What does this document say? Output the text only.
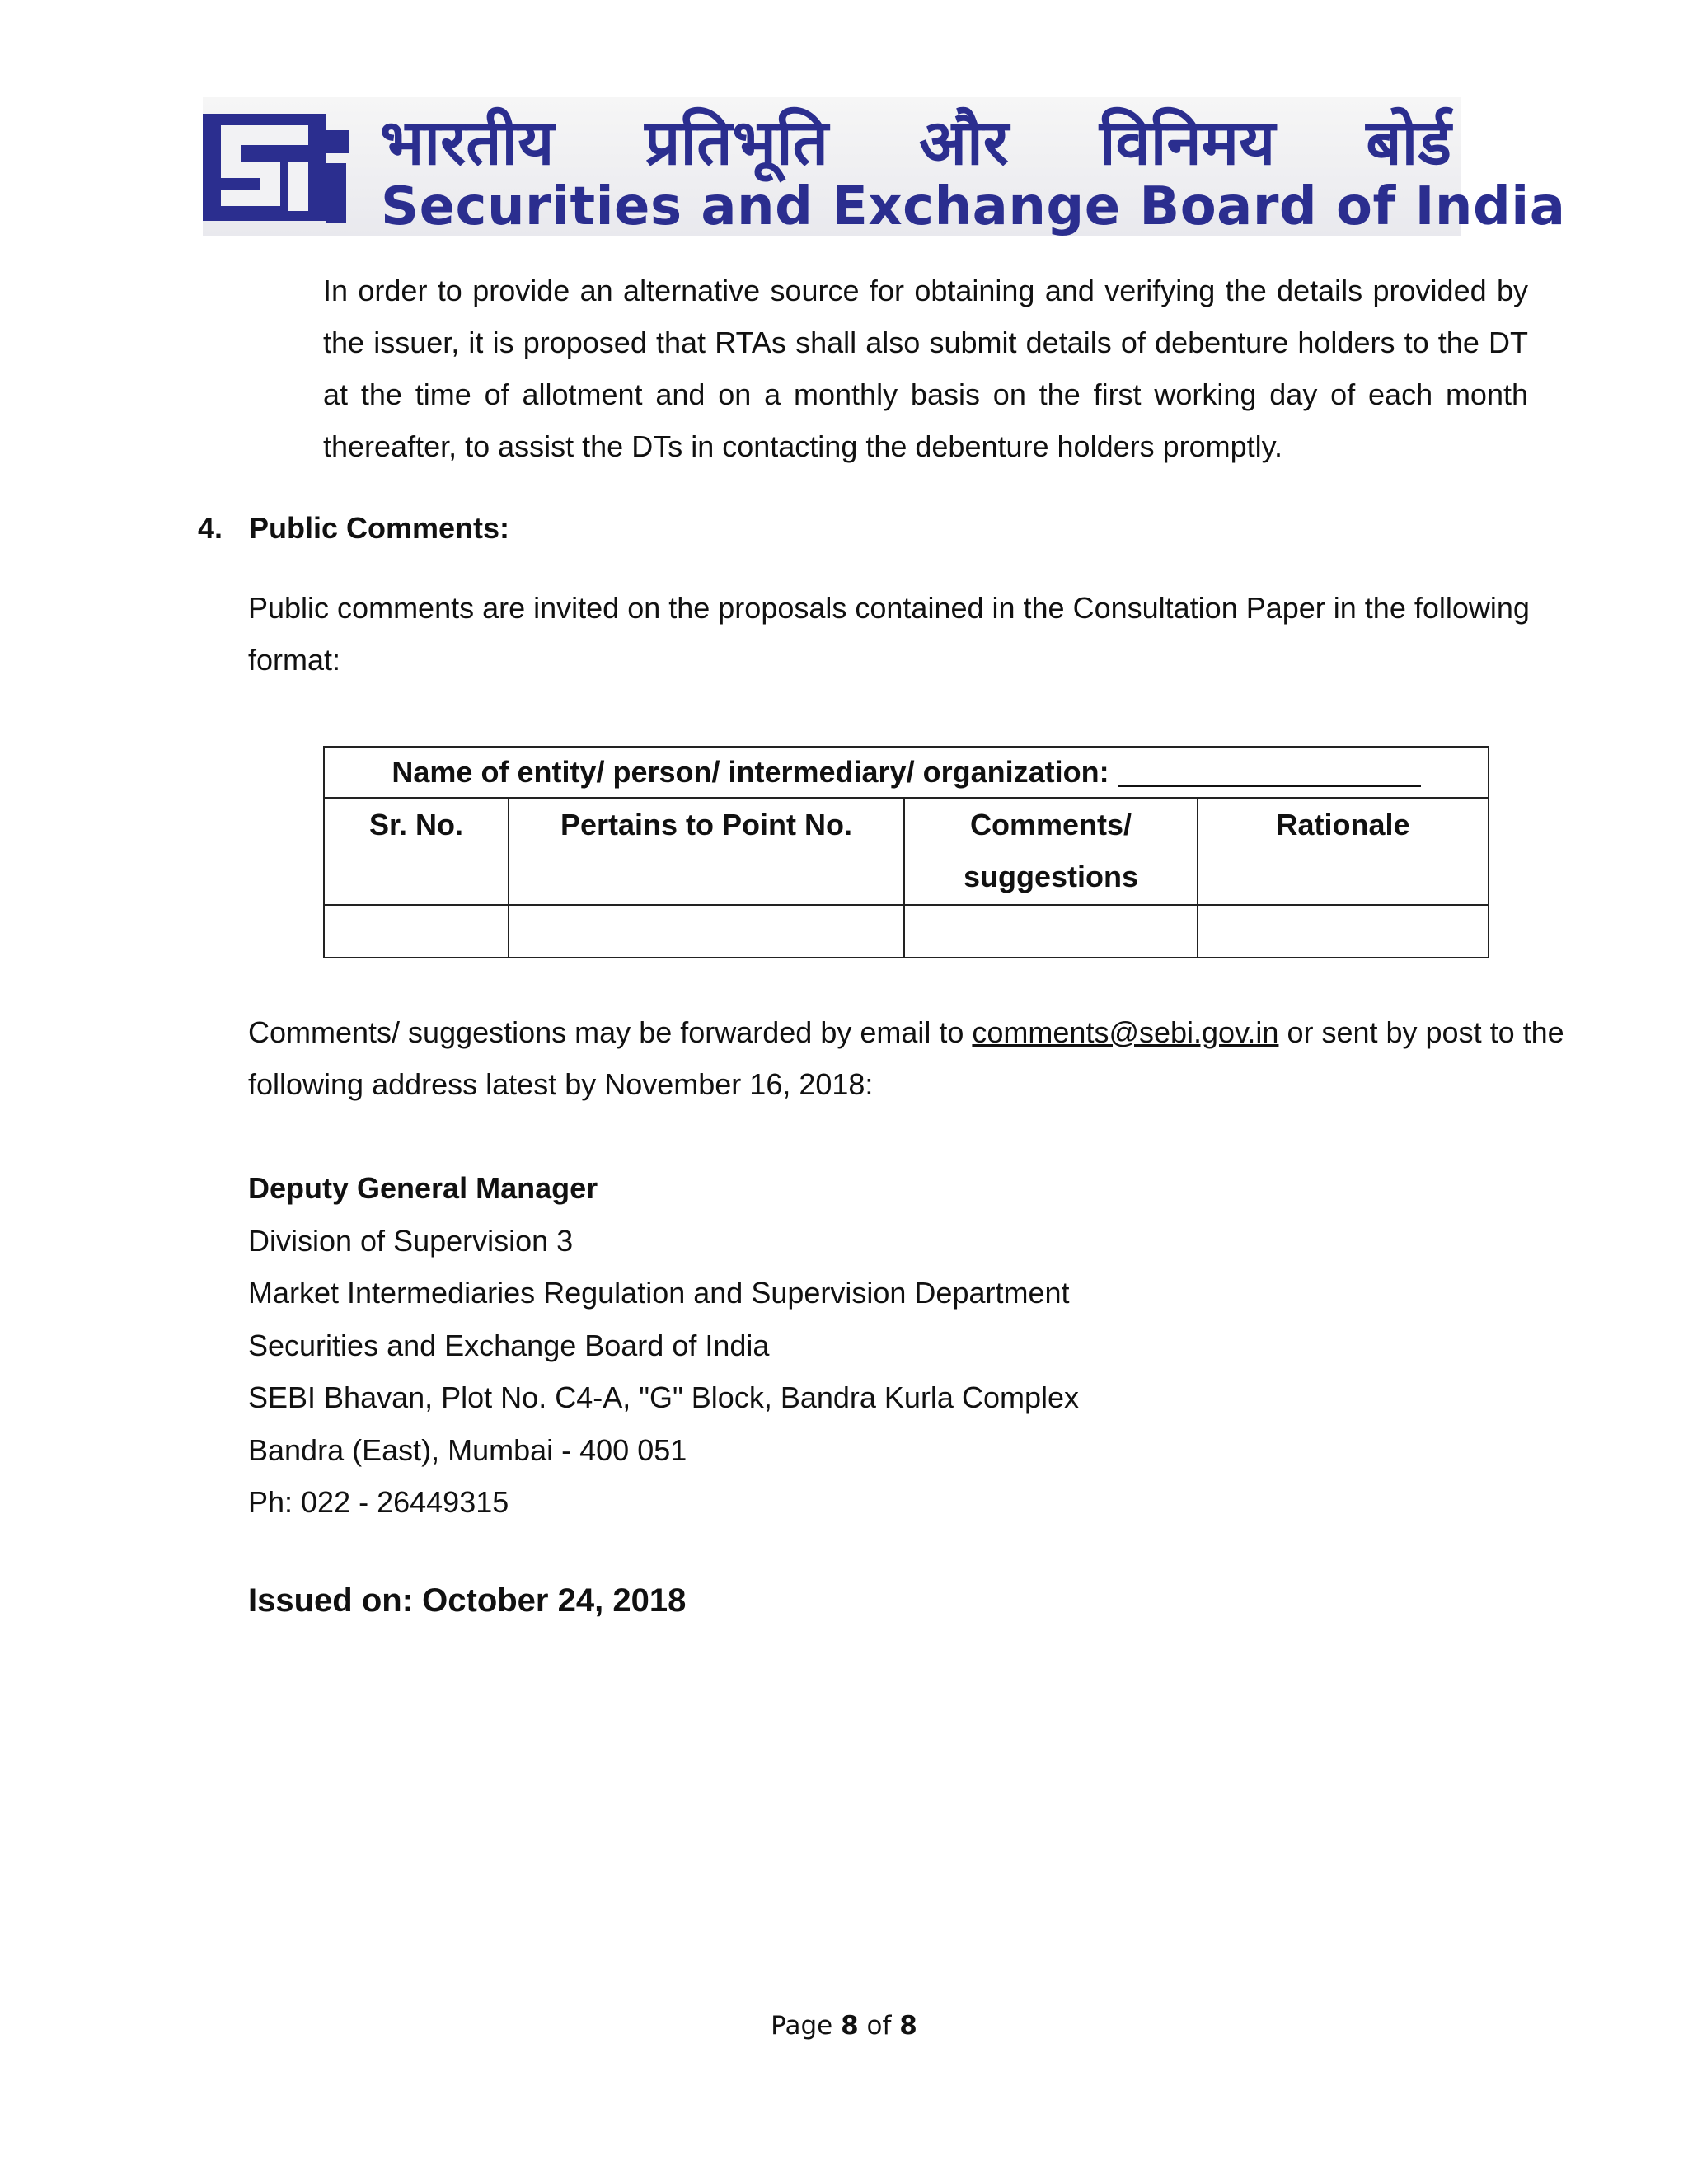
भारतीय प्रतिभूति और विनिमय बोर्ड
Securities and Exchange Board of India

In order to provide an alternative source for obtaining and verifying the details provided by the issuer, it is proposed that RTAs shall also submit details of debenture holders to the DT at the time of allotment and on a monthly basis on the first working day of each month thereafter, to assist the DTs in contacting the debenture holders promptly.

4. Public Comments:

Public comments are invited on the proposals contained in the Consultation Paper in the following format:

Name of entity/ person/ intermediary/ organization:			
Sr. No.	Pertains to Point No.	Comments/ suggestions	Rationale

Comments/ suggestions may be forwarded by email to comments@sebi.gov.in or sent by post to the following address latest by November 16, 2018:

Deputy General Manager
Division of Supervision 3
Market Intermediaries Regulation and Supervision Department
Securities and Exchange Board of India
SEBI Bhavan, Plot No. C4-A, "G" Block, Bandra Kurla Complex
Bandra (East), Mumbai - 400 051
Ph: 022 - 26449315
Issued on: October 24, 2018
Page 8 of 8
